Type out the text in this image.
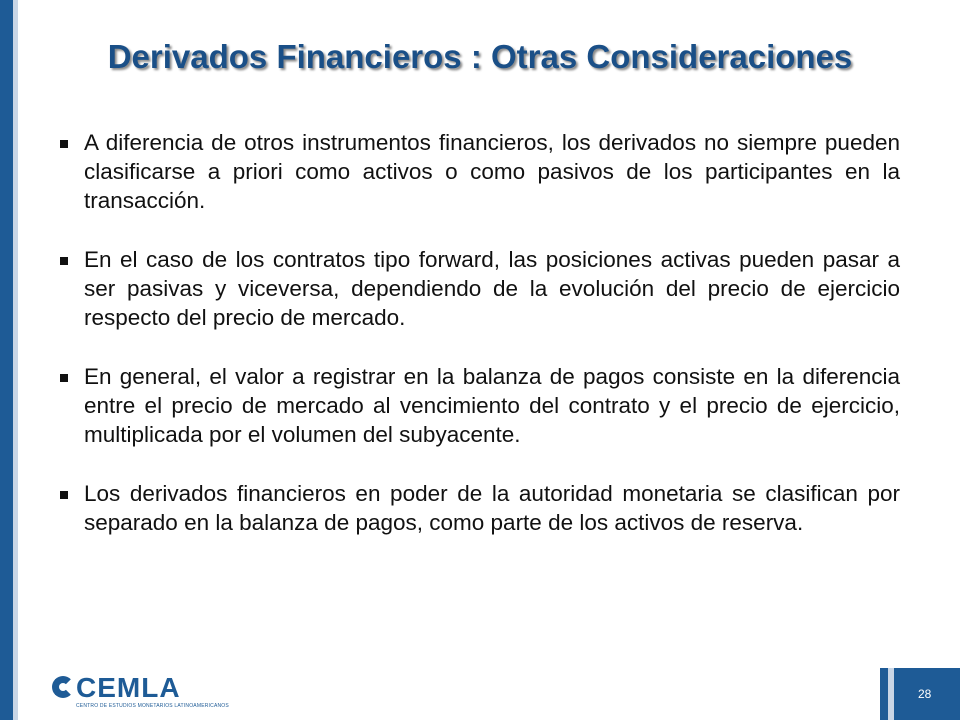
Derivados Financieros : Otras Consideraciones
A diferencia de otros instrumentos financieros, los derivados no siempre pueden clasificarse a priori como activos o como pasivos de los participantes en la transacción.
En el caso de los contratos tipo forward, las posiciones activas pueden pasar a ser pasivas y viceversa, dependiendo de la evolución del precio de ejercicio respecto del precio de mercado.
En general, el valor a registrar en la balanza de pagos consiste en la diferencia entre el precio de mercado al vencimiento del contrato y el precio de ejercicio, multiplicada por el volumen del subyacente.
Los derivados financieros en poder de la autoridad monetaria se clasifican por separado en la balanza de pagos, como parte de los activos de reserva.
CEMLA
CENTRO DE ESTUDIOS MONETARIOS LATINOAMERICANOS
28
